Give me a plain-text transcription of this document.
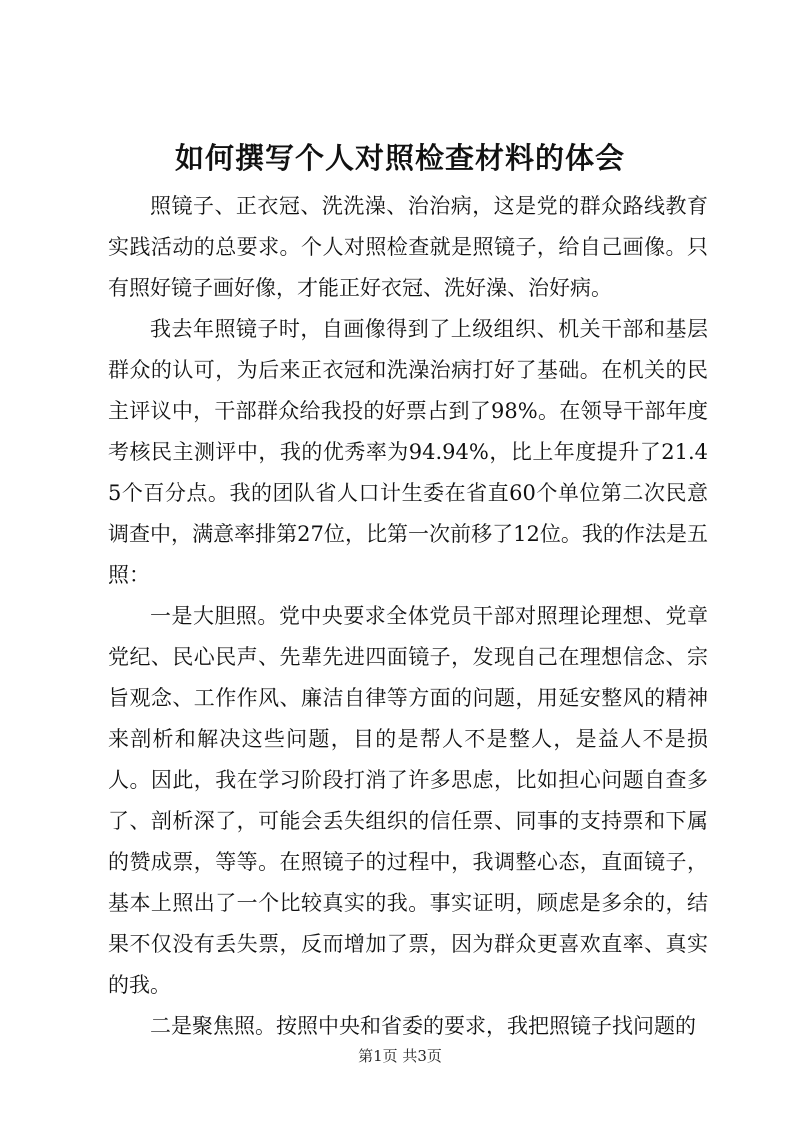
如何撰写个人对照检查材料的体会

照镜子、正衣冠、洗洗澡、治治病，这是党的群众路线教育实践活动的总要求。个人对照检查就是照镜子，给自己画像。只有照好镜子画好像，才能正好衣冠、洗好澡、治好病。

我去年照镜子时，自画像得到了上级组织、机关干部和基层群众的认可，为后来正衣冠和洗澡治病打好了基础。在机关的民主评议中，干部群众给我投的好票占到了98%。在领导干部年度考核民主测评中，我的优秀率为94.94%，比上年度提升了21.45个百分点。我的团队省人口计生委在省直60个单位第二次民意调查中，满意率排第27位，比第一次前移了12位。我的作法是五照：

一是大胆照。党中央要求全体党员干部对照理论理想、党章党纪、民心民声、先辈先进四面镜子，发现自己在理想信念、宗旨观念、工作作风、廉洁自律等方面的问题，用延安整风的精神来剖析和解决这些问题，目的是帮人不是整人，是益人不是损人。因此，我在学习阶段打消了许多思虑，比如担心问题自查多了、剖析深了，可能会丢失组织的信任票、同事的支持票和下属的赞成票，等等。在照镜子的过程中，我调整心态，直面镜子，基本上照出了一个比较真实的我。事实证明，顾虑是多余的，结果不仅没有丢失票，反而增加了票，因为群众更喜欢直率、真实的我。

二是聚焦照。按照中央和省委的要求，我把照镜子找问题的

第1页 共3页
